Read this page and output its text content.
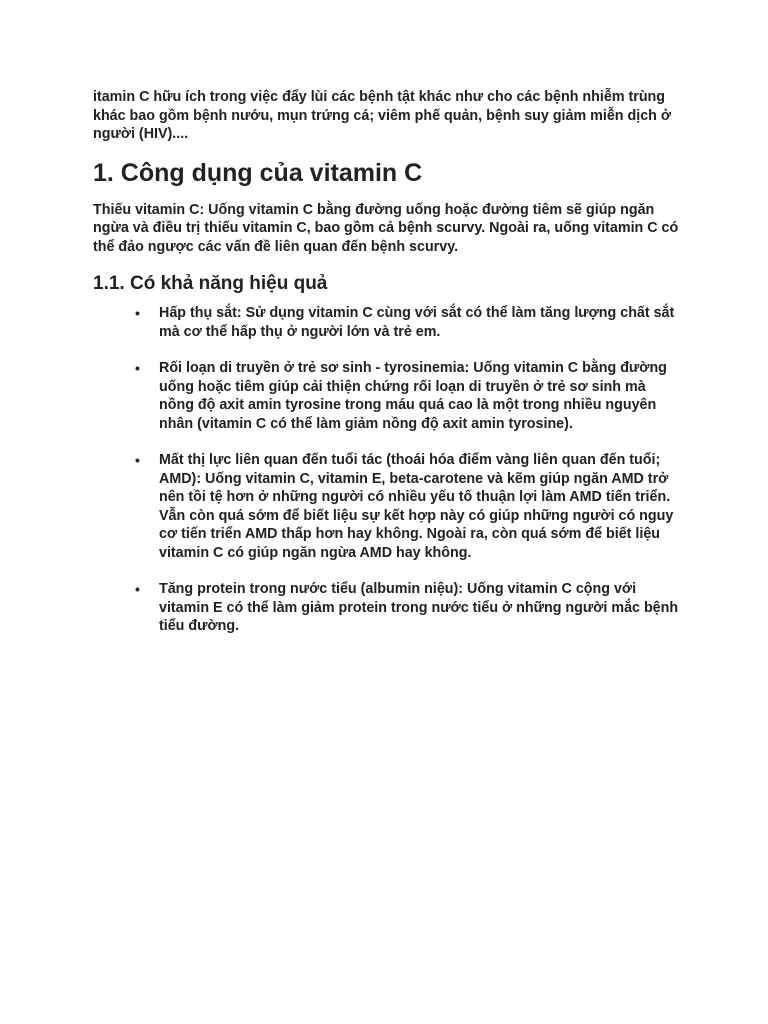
itamin C hữu ích trong việc đẩy lùi các bệnh tật khác như cho các bệnh nhiễm trùng khác bao gồm bệnh nướu, mụn trứng cá; viêm phế quản, bệnh suy giảm miễn dịch ở người (HIV)....

1. Công dụng của vitamin C

Thiếu vitamin C: Uống vitamin C bằng đường uống hoặc đường tiêm sẽ giúp ngăn ngừa và điều trị thiếu vitamin C, bao gồm cả bệnh scurvy. Ngoài ra, uống vitamin C có thể đảo ngược các vấn đề liên quan đến bệnh scurvy.

1.1. Có khả năng hiệu quả
• Hấp thụ sắt: Sử dụng vitamin C cùng với sắt có thể làm tăng lượng chất sắt mà cơ thể hấp thụ ở người lớn và trẻ em.
• Rối loạn di truyền ở trẻ sơ sinh - tyrosinemia: Uống vitamin C bằng đường uống hoặc tiêm giúp cải thiện chứng rối loạn di truyền ở trẻ sơ sinh mà nồng độ axit amin tyrosine trong máu quá cao là một trong nhiều nguyên nhân (vitamin C có thể làm giảm nồng độ axit amin tyrosine).
• Mất thị lực liên quan đến tuổi tác (thoái hóa điểm vàng liên quan đến tuổi; AMD): Uống vitamin C, vitamin E, beta-carotene và kẽm giúp ngăn AMD trở nên tồi tệ hơn ở những người có nhiều yếu tố thuận lợi làm AMD tiến triển. Vẫn còn quá sớm để biết liệu sự kết hợp này có giúp những người có nguy cơ tiến triển AMD thấp hơn hay không. Ngoài ra, còn quá sớm để biết liệu vitamin C có giúp ngăn ngừa AMD hay không.
• Tăng protein trong nước tiểu (albumin niệu): Uống vitamin C cộng với vitamin E có thể làm giảm protein trong nước tiểu ở những người mắc bệnh tiểu đường.
